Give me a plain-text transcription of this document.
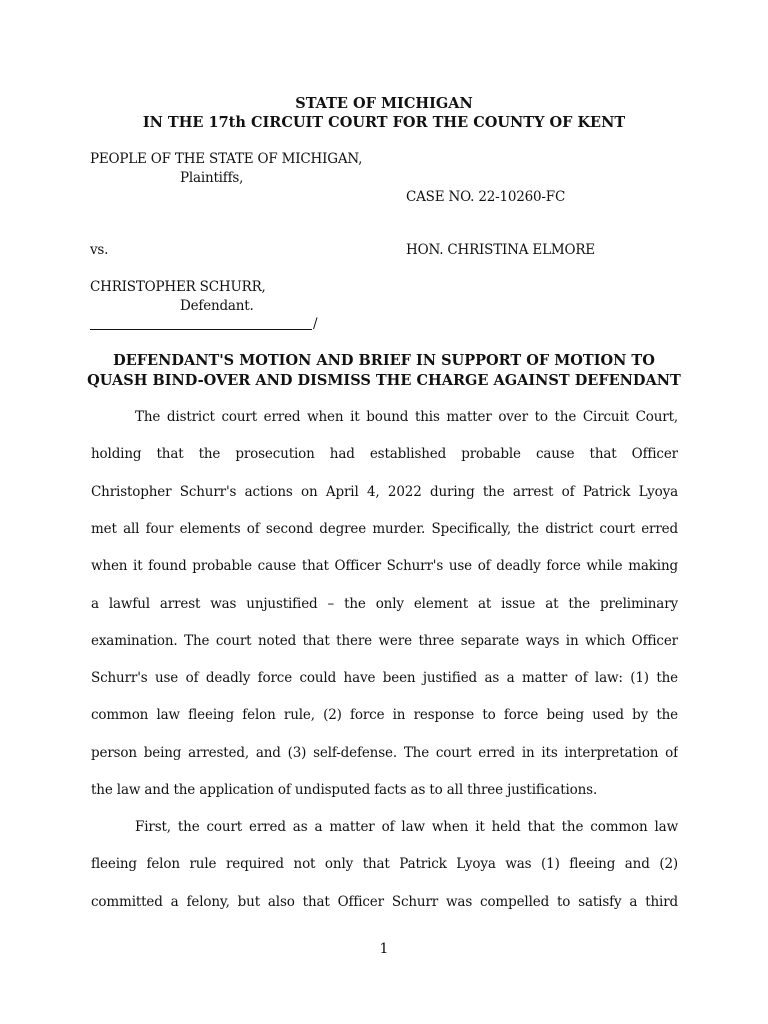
STATE OF MICHIGAN
IN THE 17th CIRCUIT COURT FOR THE COUNTY OF KENT
PEOPLE OF THE STATE OF MICHIGAN,
Plaintiffs,
CASE NO. 22-10260-FC
vs.	HON. CHRISTINA ELMORE
CHRISTOPHER SCHURR,
Defendant.
/
DEFENDANT'S MOTION AND BRIEF IN SUPPORT OF MOTION TO
QUASH BIND-OVER AND DISMISS THE CHARGE AGAINST DEFENDANT
The district court erred when it bound this matter over to the Circuit Court,
holding that the prosecution had established probable cause that Officer
Christopher Schurr's actions on April 4, 2022 during the arrest of Patrick Lyoya
met all four elements of second degree murder. Specifically, the district court erred
when it found probable cause that Officer Schurr's use of deadly force while making
a lawful arrest was unjustified – the only element at issue at the preliminary
examination. The court noted that there were three separate ways in which Officer
Schurr's use of deadly force could have been justified as a matter of law: (1) the
common law fleeing felon rule, (2) force in response to force being used by the
person being arrested, and (3) self-defense. The court erred in its interpretation of
the law and the application of undisputed facts as to all three justifications.
First, the court erred as a matter of law when it held that the common law
fleeing felon rule required not only that Patrick Lyoya was (1) fleeing and (2)
committed a felony, but also that Officer Schurr was compelled to satisfy a third
1
